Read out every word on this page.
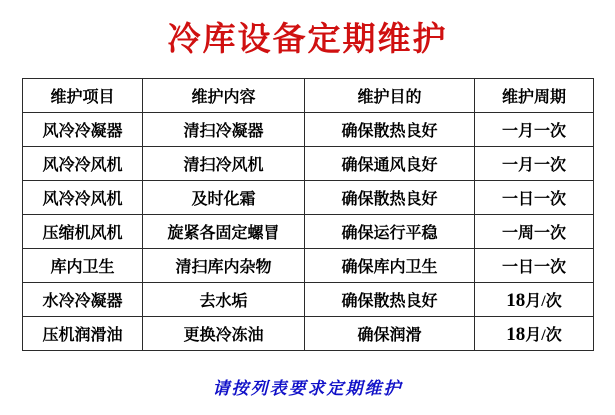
冷库设备定期维护
维护项目	维护内容	维护目的	维护周期
风冷冷凝器	清扫冷凝器	确保散热良好	一月一次
风冷冷风机	清扫冷风机	确保通风良好	一月一次
风冷冷风机	及时化霜	确保散热良好	一日一次
压缩机风机	旋紧各固定螺冒	确保运行平稳	一周一次
库内卫生	清扫库内杂物	确保库内卫生	一日一次
水冷冷凝器	去水垢	确保散热良好	18月/次
压机润滑油	更换冷冻油	确保润滑	18月/次
请按列表要求定期维护
